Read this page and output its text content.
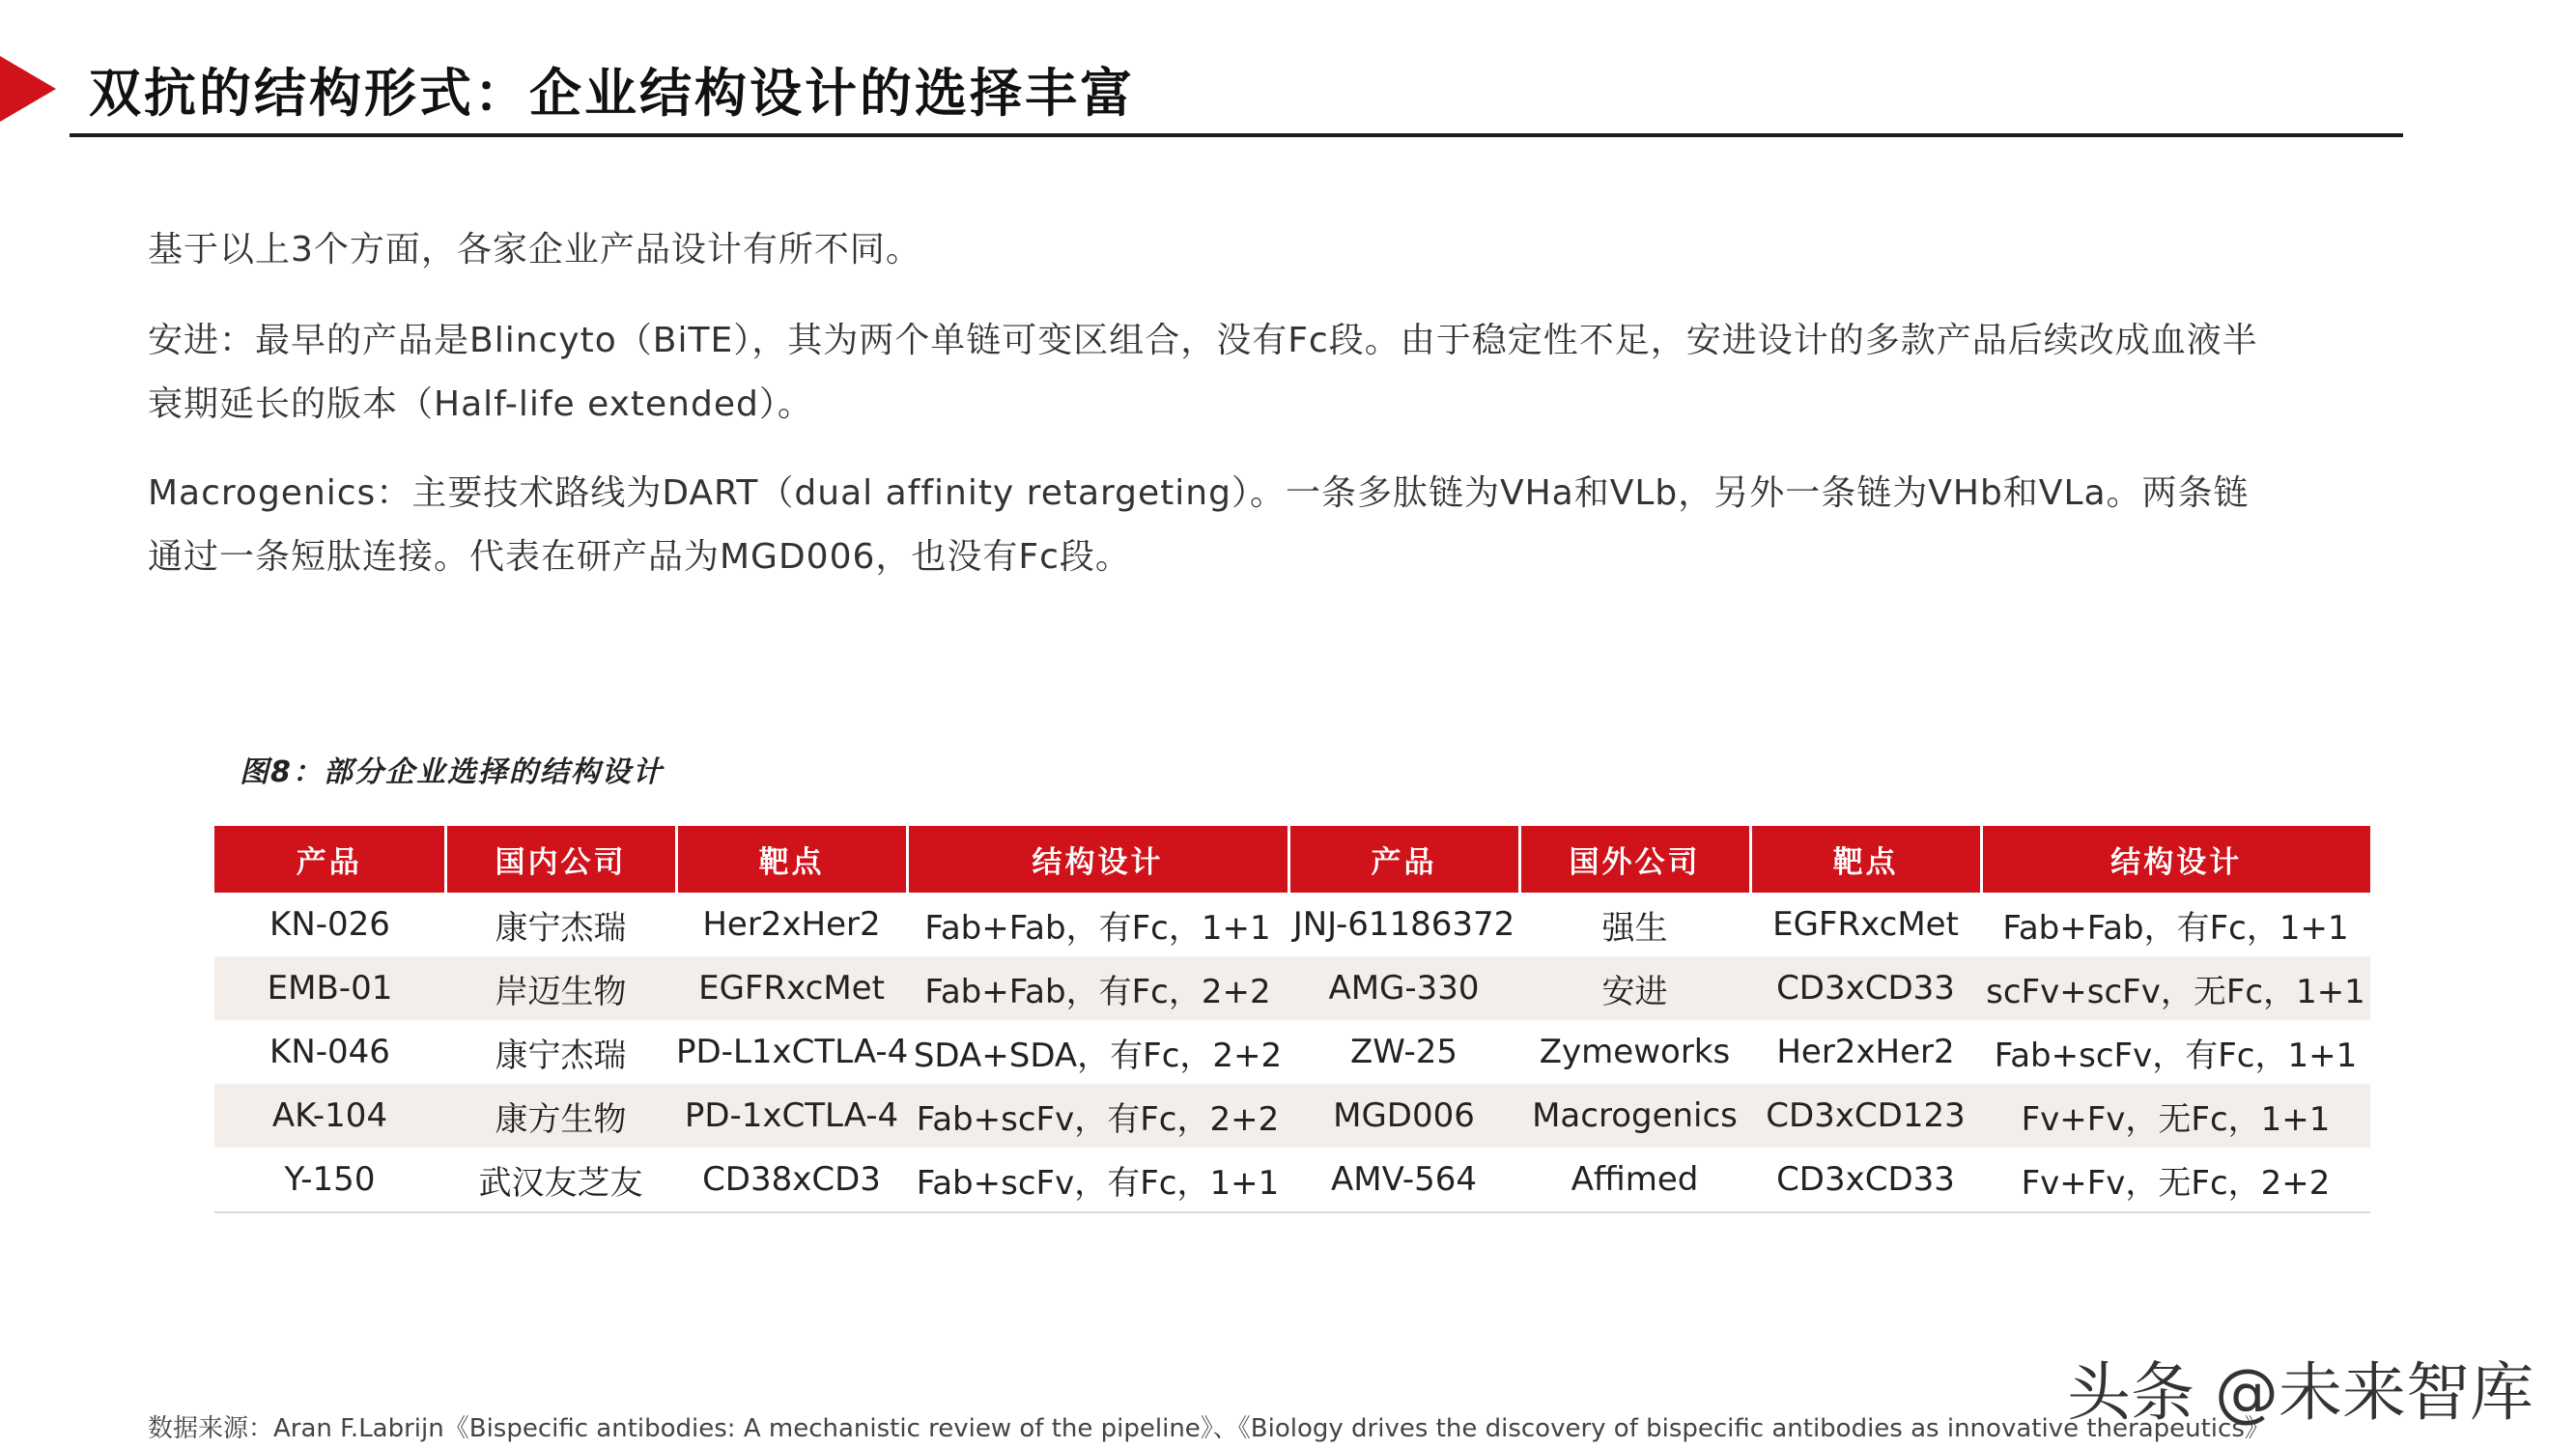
双抗的结构形式：企业结构设计的选择丰富
基于以上3个方面，各家企业产品设计有所不同。
安进：最早的产品是Blincyto（BiTE），其为两个单链可变区组合，没有Fc段。由于稳定性不足，安进设计的多款产品后续改成血液半衰期延长的版本（Half-life extended）。
Macrogenics：主要技术路线为DART（dual affinity retargeting）。一条多肽链为VHa和VLb，另外一条链为VHb和VLa。两条链通过一条短肽连接。代表在研产品为MGD006，也没有Fc段。
图8：部分企业选择的结构设计
产品	国内公司	靶点	结构设计	产品	国外公司	靶点	结构设计
KN-026	康宁杰瑞	Her2xHer2	Fab+Fab，有Fc，1+1	JNJ-61186372	强生	EGFRxcMet	Fab+Fab，有Fc，1+1
EMB-01	岸迈生物	EGFRxcMet	Fab+Fab，有Fc，2+2	AMG-330	安进	CD3xCD33	scFv+scFv，无Fc，1+1
KN-046	康宁杰瑞	PD-L1xCTLA-4	SDA+SDA，有Fc，2+2	ZW-25	Zymeworks	Her2xHer2	Fab+scFv，有Fc，1+1
AK-104	康方生物	PD-1xCTLA-4	Fab+scFv，有Fc，2+2	MGD006	Macrogenics	CD3xCD123	Fv+Fv，无Fc，1+1
Y-150	武汉友芝友	CD38xCD3	Fab+scFv，有Fc，1+1	AMV-564	Affimed	CD3xCD33	Fv+Fv，无Fc，2+2
数据来源：Aran F.Labrijn《Bispecific antibodies: A mechanistic review of the pipeline》、《Biology drives the discovery of bispecific antibodies as innovative therapeutics》
头条 @未来智库
